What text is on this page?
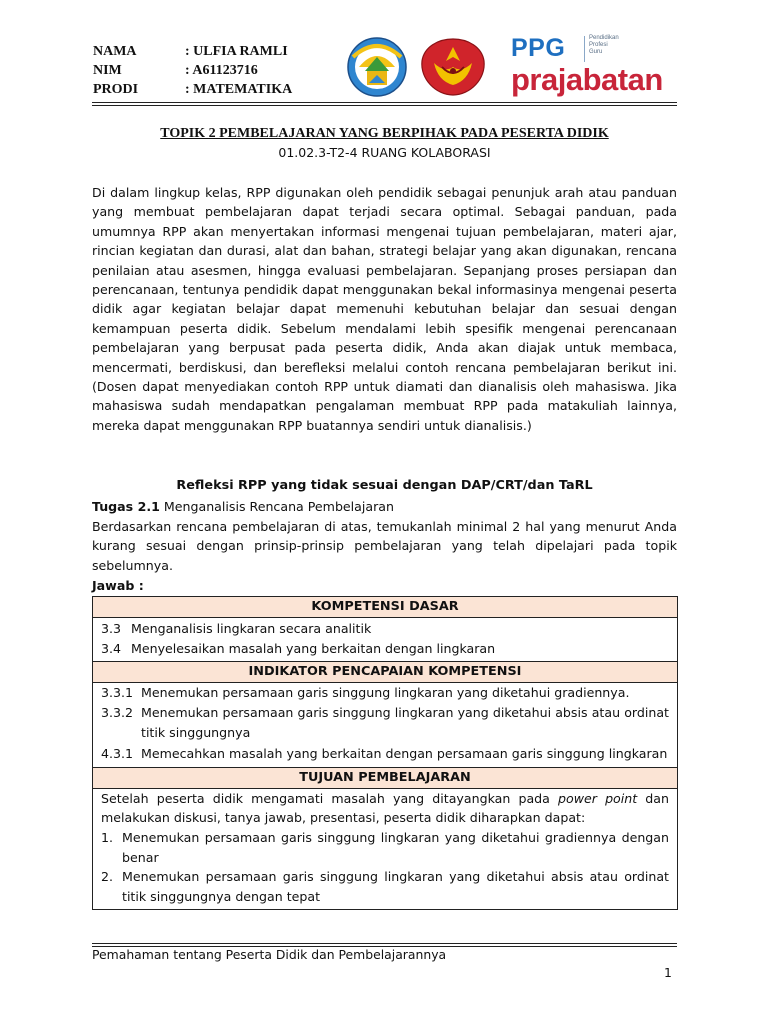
NAMA	: ULFIA RAMLI
NIM	: A61123716
PRODI	: MATEMATIKA
PPG	Pendidikan
Profesi
Guru
prajabatan
TOPIK 2 PEMBELAJARAN YANG BERPIHAK PADA PESERTA DIDIK
01.02.3-T2-4 RUANG KOLABORASI
Di dalam lingkup kelas, RPP digunakan oleh pendidik sebagai penunjuk arah atau panduan yang membuat pembelajaran dapat terjadi secara optimal. Sebagai panduan, pada umumnya RPP akan menyertakan informasi mengenai tujuan pembelajaran, materi ajar, rincian kegiatan dan durasi, alat dan bahan, strategi belajar yang akan digunakan, rencana penilaian atau asesmen, hingga evaluasi pembelajaran. Sepanjang proses persiapan dan perencanaan, tentunya pendidik dapat menggunakan bekal informasinya mengenai peserta didik agar kegiatan belajar dapat memenuhi kebutuhan belajar dan sesuai dengan kemampuan peserta didik. Sebelum mendalami lebih spesifik mengenai perencanaan pembelajaran yang berpusat pada peserta didik, Anda akan diajak untuk membaca, mencermati, berdiskusi, dan berefleksi melalui contoh rencana pembelajaran berikut ini. (Dosen dapat menyediakan contoh RPP untuk diamati dan dianalisis oleh mahasiswa. Jika mahasiswa sudah mendapatkan pengalaman membuat RPP pada matakuliah lainnya, mereka dapat menggunakan RPP buatannya sendiri untuk dianalisis.)
Refleksi RPP yang tidak sesuai dengan DAP/CRT/dan TaRL
Tugas 2.1 Menganalisis Rencana Pembelajaran
Berdasarkan rencana pembelajaran di atas, temukanlah minimal 2 hal yang menurut Anda kurang sesuai dengan prinsip-prinsip pembelajaran yang telah dipelajari pada topik sebelumnya.
Jawab :
KOMPETENSI DASAR

3.3 Menganalisis lingkaran secara analitik
3.4 Menyelesaikan masalah yang berkaitan dengan lingkaran

INDIKATOR PENCAPAIAN KOMPETENSI

3.3.1 Menemukan persamaan garis singgung lingkaran yang diketahui gradiennya.
3.3.2 Menemukan persamaan garis singgung lingkaran yang diketahui absis atau ordinat titik singgungnya
4.3.1 Memecahkan masalah yang berkaitan dengan persamaan garis singgung lingkaran

TUJUAN PEMBELAJARAN

Setelah peserta didik mengamati masalah yang ditayangkan pada power point dan melakukan diskusi, tanya jawab, presentasi, peserta didik diharapkan dapat:
1. Menemukan persamaan garis singgung lingkaran yang diketahui gradiennya dengan benar
2. Menemukan persamaan garis singgung lingkaran yang diketahui absis atau ordinat titik singgungnya dengan tepat
Pemahaman tentang Peserta Didik dan Pembelajarannya
1
